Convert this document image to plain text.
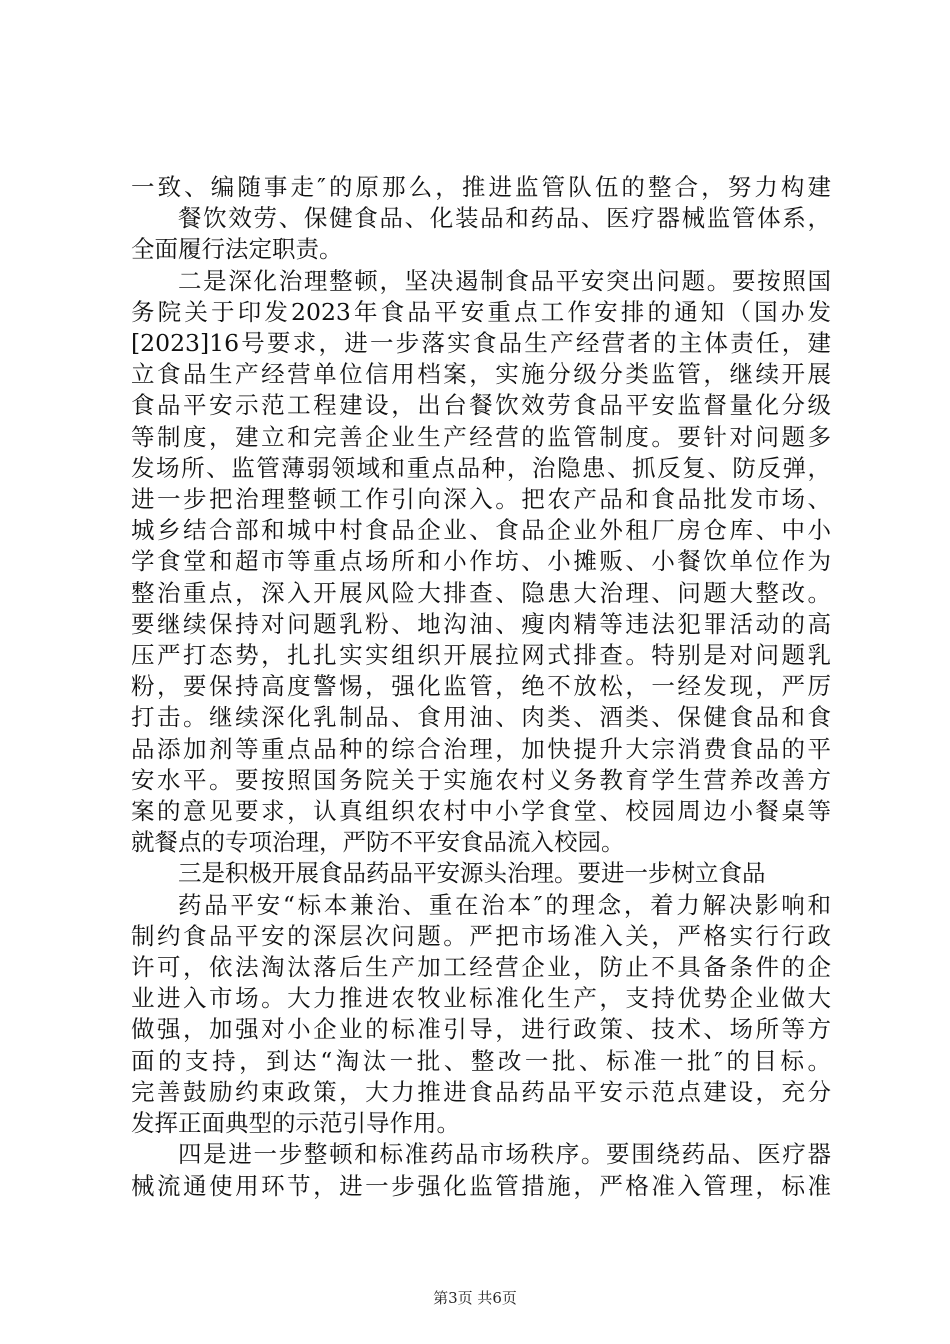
一致、编随事走″的原那么，推进监管队伍的整合，努力构建
餐饮效劳、保健食品、化装品和药品、医疗器械监管体系，
全面履行法定职责。
二是深化治理整顿，坚决遏制食品平安突出问题。要按照国
务院关于印发2023年食品平安重点工作安排的通知（国办发
[2023]16号要求，进一步落实食品生产经营者的主体责任，建
立食品生产经营单位信用档案，实施分级分类监管，继续开展
食品平安示范工程建设，出台餐饮效劳食品平安监督量化分级
等制度，建立和完善企业生产经营的监管制度。要针对问题多
发场所、监管薄弱领域和重点品种，治隐患、抓反复、防反弹，
进一步把治理整顿工作引向深入。把农产品和食品批发市场、
城乡结合部和城中村食品企业、食品企业外租厂房仓库、中小
学食堂和超市等重点场所和小作坊、小摊贩、小餐饮单位作为
整治重点，深入开展风险大排查、隐患大治理、问题大整改。
要继续保持对问题乳粉、地沟油、瘦肉精等违法犯罪活动的高
压严打态势，扎扎实实组织开展拉网式排查。特别是对问题乳
粉，要保持高度警惕，强化监管，绝不放松，一经发现，严厉
打击。继续深化乳制品、食用油、肉类、酒类、保健食品和食
品添加剂等重点品种的综合治理，加快提升大宗消费食品的平
安水平。要按照国务院关于实施农村义务教育学生营养改善方
案的意见要求，认真组织农村中小学食堂、校园周边小餐桌等
就餐点的专项治理，严防不平安食品流入校园。
三是积极开展食品药品平安源头治理。要进一步树立食品
药品平安“标本兼治、重在治本″的理念，着力解决影响和
制约食品平安的深层次问题。严把市场准入关，严格实行行政
许可，依法淘汰落后生产加工经营企业，防止不具备条件的企
业进入市场。大力推进农牧业标准化生产，支持优势企业做大
做强，加强对小企业的标准引导，进行政策、技术、场所等方
面的支持，到达“淘汰一批、整改一批、标准一批″的目标。
完善鼓励约束政策，大力推进食品药品平安示范点建设，充分
发挥正面典型的示范引导作用。
四是进一步整顿和标准药品市场秩序。要围绕药品、医疗器
械流通使用环节，进一步强化监管措施，严格准入管理，标准
第3页 共6页
